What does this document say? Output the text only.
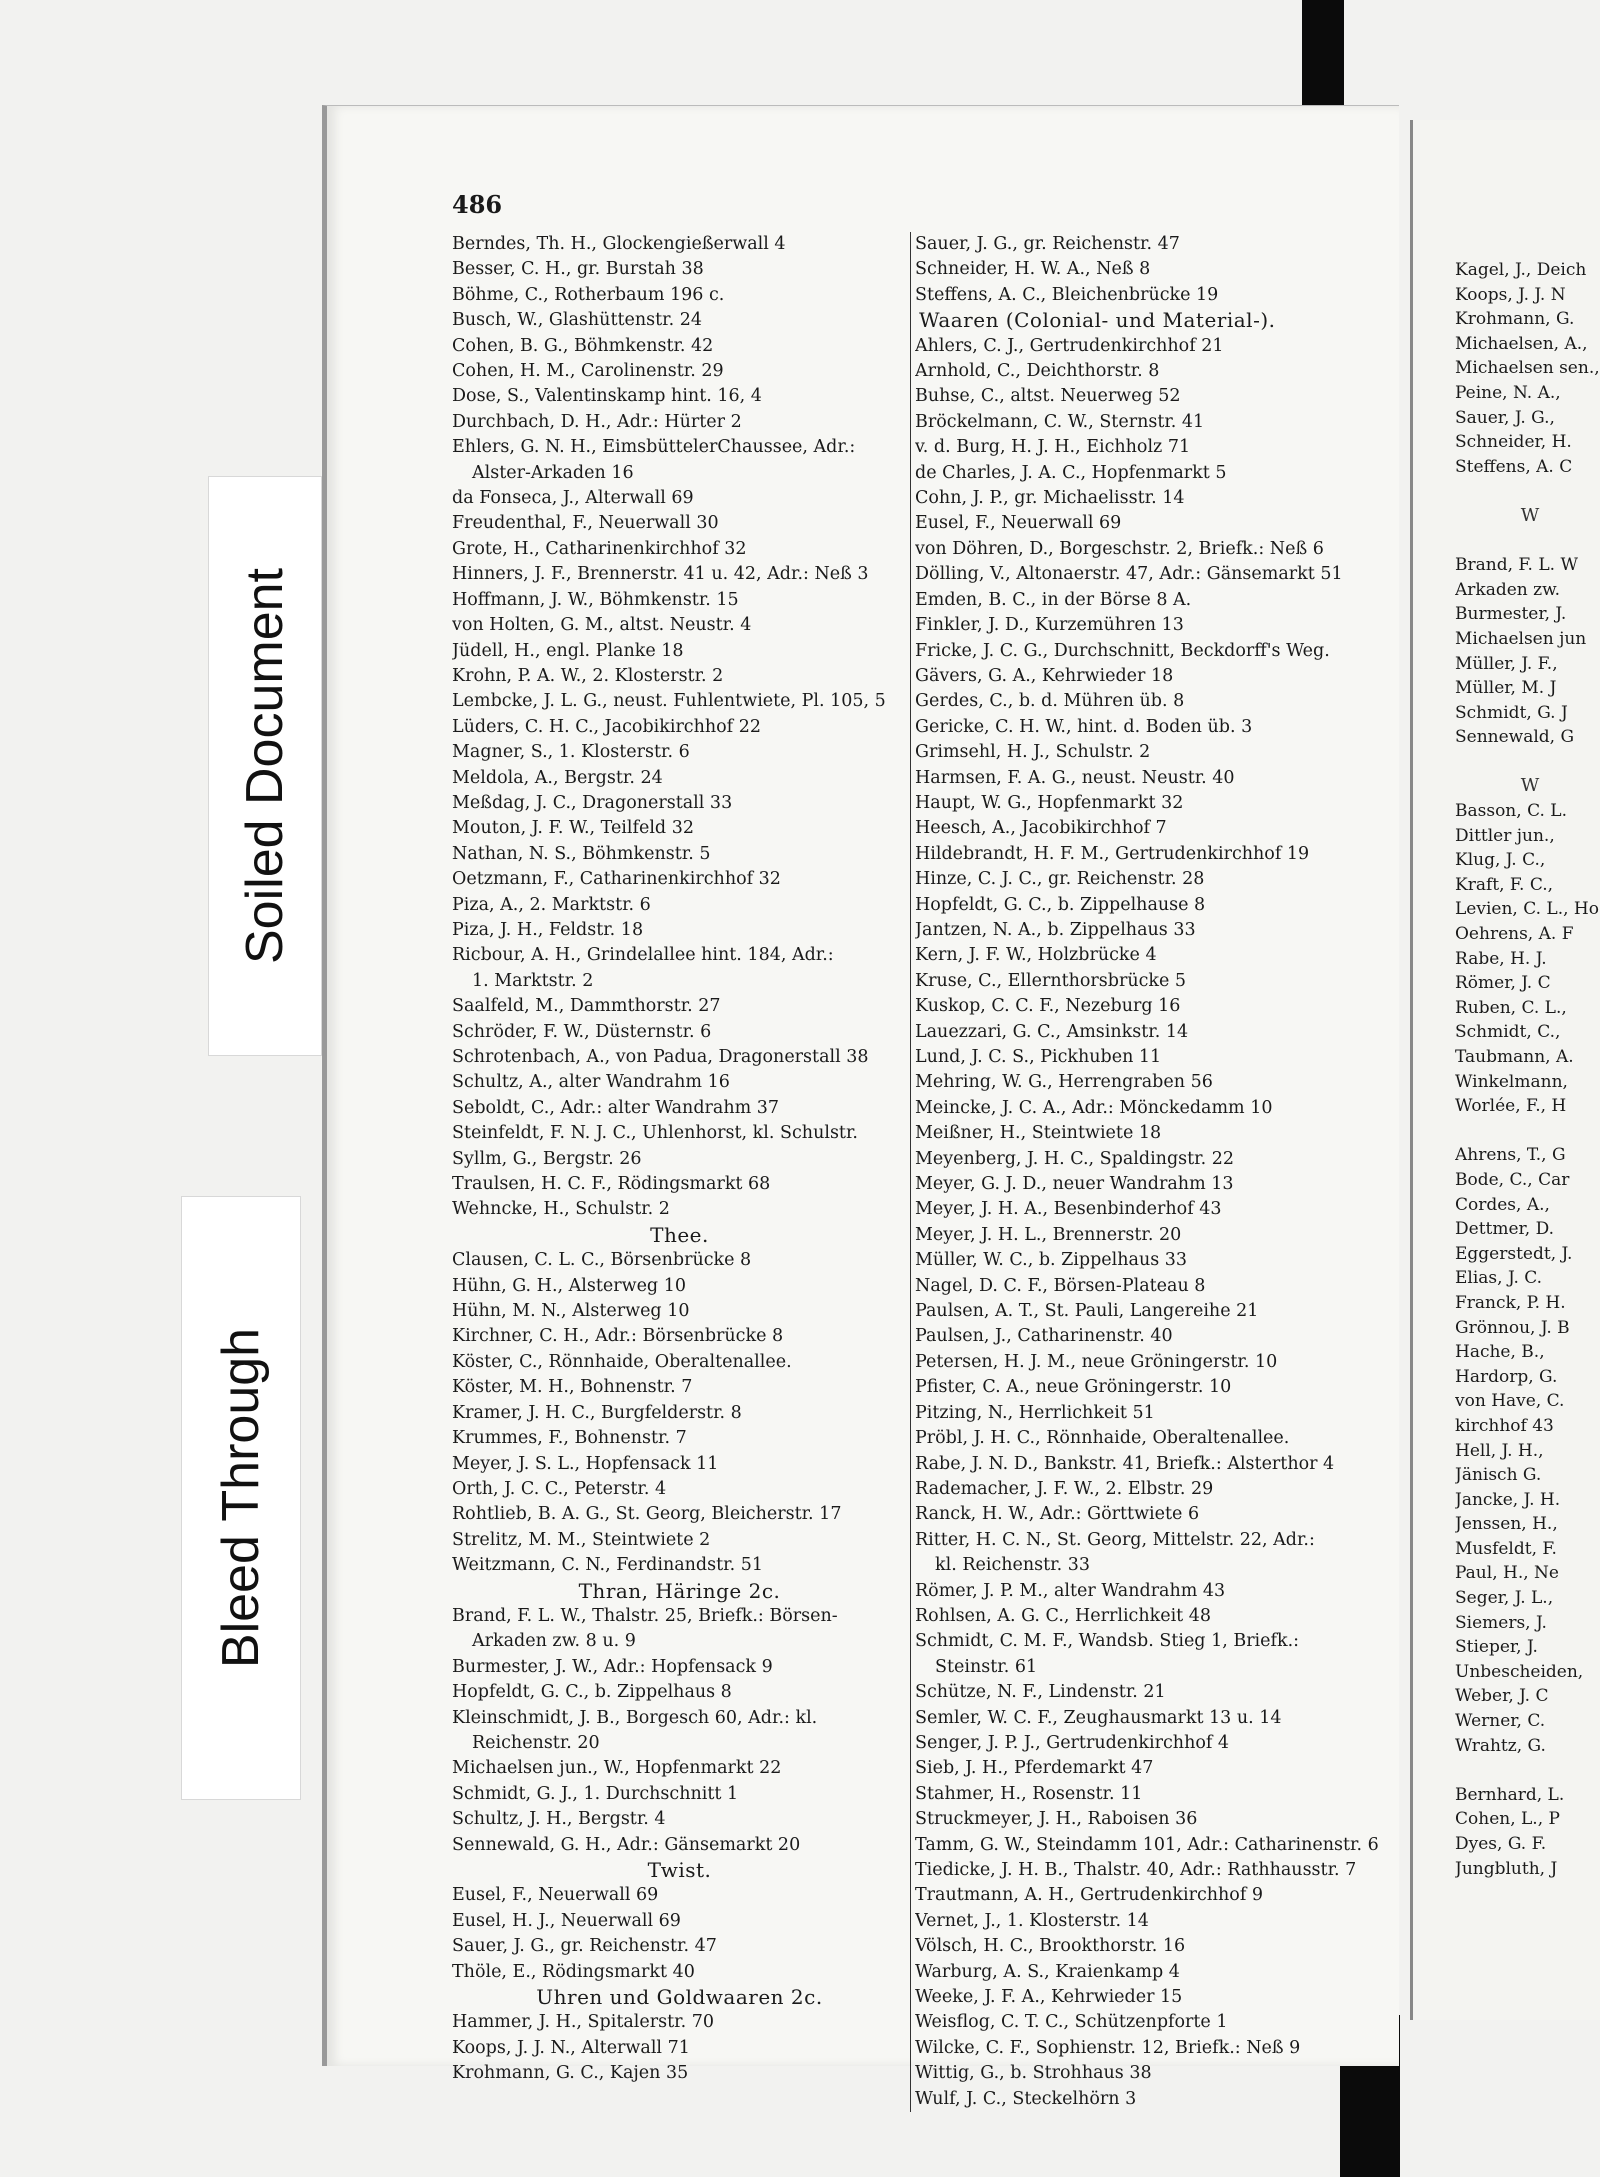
Soiled Document
Bleed Through
486
Berndes, Th. H., Glockengießerwall 4
Besser, C. H., gr. Burstah 38
Böhme, C., Rotherbaum 196 c.
Busch, W., Glashüttenstr. 24
Cohen, B. G., Böhmkenstr. 42
Cohen, H. M., Carolinenstr. 29
Dose, S., Valentinskamp hint. 16, 4
Durchbach, D. H., Adr.: Hürter 2
Ehlers, G. N. H., EimsbüttelerChaussee, Adr.:
Alster-Arkaden 16
da Fonseca, J., Alterwall 69
Freudenthal, F., Neuerwall 30
Grote, H., Catharinenkirchhof 32
Hinners, J. F., Brennerstr. 41 u. 42, Adr.: Neß 3
Hoffmann, J. W., Böhmkenstr. 15
von Holten, G. M., altst. Neustr. 4
Jüdell, H., engl. Planke 18
Krohn, P. A. W., 2. Klosterstr. 2
Lembcke, J. L. G., neust. Fuhlentwiete, Pl. 105, 5
Lüders, C. H. C., Jacobikirchhof 22
Magner, S., 1. Klosterstr. 6
Meldola, A., Bergstr. 24
Meßdag, J. C., Dragonerstall 33
Mouton, J. F. W., Teilfeld 32
Nathan, N. S., Böhmkenstr. 5
Oetzmann, F., Catharinenkirchhof 32
Piza, A., 2. Marktstr. 6
Piza, J. H., Feldstr. 18
Ricbour, A. H., Grindelallee hint. 184, Adr.:
1. Marktstr. 2
Saalfeld, M., Dammthorstr. 27
Schröder, F. W., Düsternstr. 6
Schrotenbach, A., von Padua, Dragonerstall 38
Schultz, A., alter Wandrahm 16
Seboldt, C., Adr.: alter Wandrahm 37
Steinfeldt, F. N. J. C., Uhlenhorst, kl. Schulstr.
Syllm, G., Bergstr. 26
Traulsen, H. C. F., Rödingsmarkt 68
Wehncke, H., Schulstr. 2
Thee.
Clausen, C. L. C., Börsenbrücke 8
Hühn, G. H., Alsterweg 10
Hühn, M. N., Alsterweg 10
Kirchner, C. H., Adr.: Börsenbrücke 8
Köster, C., Rönnhaide, Oberaltenallee.
Köster, M. H., Bohnenstr. 7
Kramer, J. H. C., Burgfelderstr. 8
Krummes, F., Bohnenstr. 7
Meyer, J. S. L., Hopfensack 11
Orth, J. C. C., Peterstr. 4
Rohtlieb, B. A. G., St. Georg, Bleicherstr. 17
Strelitz, M. M., Steintwiete 2
Weitzmann, C. N., Ferdinandstr. 51
Thran, Häringe 2c.
Brand, F. L. W., Thalstr. 25, Briefk.: Börsen-
Arkaden zw. 8 u. 9
Burmester, J. W., Adr.: Hopfensack 9
Hopfeldt, G. C., b. Zippelhaus 8
Kleinschmidt, J. B., Borgesch 60, Adr.: kl.
Reichenstr. 20
Michaelsen jun., W., Hopfenmarkt 22
Schmidt, G. J., 1. Durchschnitt 1
Schultz, J. H., Bergstr. 4
Sennewald, G. H., Adr.: Gänsemarkt 20
Twist.
Eusel, F., Neuerwall 69
Eusel, H. J., Neuerwall 69
Sauer, J. G., gr. Reichenstr. 47
Thöle, E., Rödingsmarkt 40
Uhren und Goldwaaren 2c.
Hammer, J. H., Spitalerstr. 70
Koops, J. J. N., Alterwall 71
Krohmann, G. C., Kajen 35
Sauer, J. G., gr. Reichenstr. 47
Schneider, H. W. A., Neß 8
Steffens, A. C., Bleichenbrücke 19
Waaren (Colonial- und Material-).
Ahlers, C. J., Gertrudenkirchhof 21
Arnhold, C., Deichthorstr. 8
Buhse, C., altst. Neuerweg 52
Bröckelmann, C. W., Sternstr. 41
v. d. Burg, H. J. H., Eichholz 71
de Charles, J. A. C., Hopfenmarkt 5
Cohn, J. P., gr. Michaelisstr. 14
Eusel, F., Neuerwall 69
von Döhren, D., Borgeschstr. 2, Briefk.: Neß 6
Dölling, V., Altonaerstr. 47, Adr.: Gänsemarkt 51
Emden, B. C., in der Börse 8 A.
Finkler, J. D., Kurzemühren 13
Fricke, J. C. G., Durchschnitt, Beckdorff's Weg.
Gävers, G. A., Kehrwieder 18
Gerdes, C., b. d. Mühren üb. 8
Gericke, C. H. W., hint. d. Boden üb. 3
Grimsehl, H. J., Schulstr. 2
Harmsen, F. A. G., neust. Neustr. 40
Haupt, W. G., Hopfenmarkt 32
Heesch, A., Jacobikirchhof 7
Hildebrandt, H. F. M., Gertrudenkirchhof 19
Hinze, C. J. C., gr. Reichenstr. 28
Hopfeldt, G. C., b. Zippelhause 8
Jantzen, N. A., b. Zippelhaus 33
Kern, J. F. W., Holzbrücke 4
Kruse, C., Ellernthorsbrücke 5
Kuskop, C. C. F., Nezeburg 16
Lauezzari, G. C., Amsinkstr. 14
Lund, J. C. S., Pickhuben 11
Mehring, W. G., Herrengraben 56
Meincke, J. C. A., Adr.: Mönckedamm 10
Meißner, H., Steintwiete 18
Meyenberg, J. H. C., Spaldingstr. 22
Meyer, G. J. D., neuer Wandrahm 13
Meyer, J. H. A., Besenbinderhof 43
Meyer, J. H. L., Brennerstr. 20
Müller, W. C., b. Zippelhaus 33
Nagel, D. C. F., Börsen-Plateau 8
Paulsen, A. T., St. Pauli, Langereihe 21
Paulsen, J., Catharinenstr. 40
Petersen, H. J. M., neue Gröningerstr. 10
Pfister, C. A., neue Gröningerstr. 10
Pitzing, N., Herrlichkeit 51
Pröbl, J. H. C., Rönnhaide, Oberaltenallee.
Rabe, J. N. D., Bankstr. 41, Briefk.: Alsterthor 4
Rademacher, J. F. W., 2. Elbstr. 29
Ranck, H. W., Adr.: Görttwiete 6
Ritter, H. C. N., St. Georg, Mittelstr. 22, Adr.:
kl. Reichenstr. 33
Römer, J. P. M., alter Wandrahm 43
Rohlsen, A. G. C., Herrlichkeit 48
Schmidt, C. M. F., Wandsb. Stieg 1, Briefk.:
Steinstr. 61
Schütze, N. F., Lindenstr. 21
Semler, W. C. F., Zeughausmarkt 13 u. 14
Senger, J. P. J., Gertrudenkirchhof 4
Sieb, J. H., Pferdemarkt 47
Stahmer, H., Rosenstr. 11
Struckmeyer, J. H., Raboisen 36
Tamm, G. W., Steindamm 101, Adr.: Catharinenstr. 6
Tiedicke, J. H. B., Thalstr. 40, Adr.: Rathhausstr. 7
Trautmann, A. H., Gertrudenkirchhof 9
Vernet, J., 1. Klosterstr. 14
Völsch, H. C., Brookthorstr. 16
Warburg, A. S., Kraienkamp 4
Weeke, J. F. A., Kehrwieder 15
Weisflog, C. T. C., Schützenpforte 1
Wilcke, C. F., Sophienstr. 12, Briefk.: Neß 9
Wittig, G., b. Strohhaus 38
Wulf, J. C., Steckelhörn 3
Kagel, J., Deich
Koops, J. J. N
Krohmann, G.
Michaelsen, A.,
Michaelsen sen.,
Peine, N. A.,
Sauer, J. G.,
Schneider, H.
Steffens, A. C
W
Brand, F. L. W
Arkaden zw.
Burmester, J.
Michaelsen jun
Müller, J. F.,
Müller, M. J
Schmidt, G. J
Sennewald, G
W
Basson, C. L.
Dittler jun.,
Klug, J. C.,
Kraft, F. C.,
Levien, C. L., Ho
Oehrens, A. F
Rabe, H. J.
Römer, J. C
Ruben, C. L.,
Schmidt, C.,
Taubmann, A.
Winkelmann,
Worlée, F., H
Ahrens, T., G
Bode, C., Car
Cordes, A.,
Dettmer, D.
Eggerstedt, J.
Elias, J. C.
Franck, P. H.
Grönnou, J. B
Hache, B.,
Hardorp, G.
von Have, C.
kirchhof 43
Hell, J. H.,
Jänisch G.
Jancke, J. H.
Jenssen, H.,
Musfeldt, F.
Paul, H., Ne
Seger, J. L.,
Siemers, J.
Stieper, J.
Unbescheiden,
Weber, J. C
Werner, C.
Wrahtz, G.
Bernhard, L.
Cohen, L., P
Dyes, G. F.
Jungbluth, J
